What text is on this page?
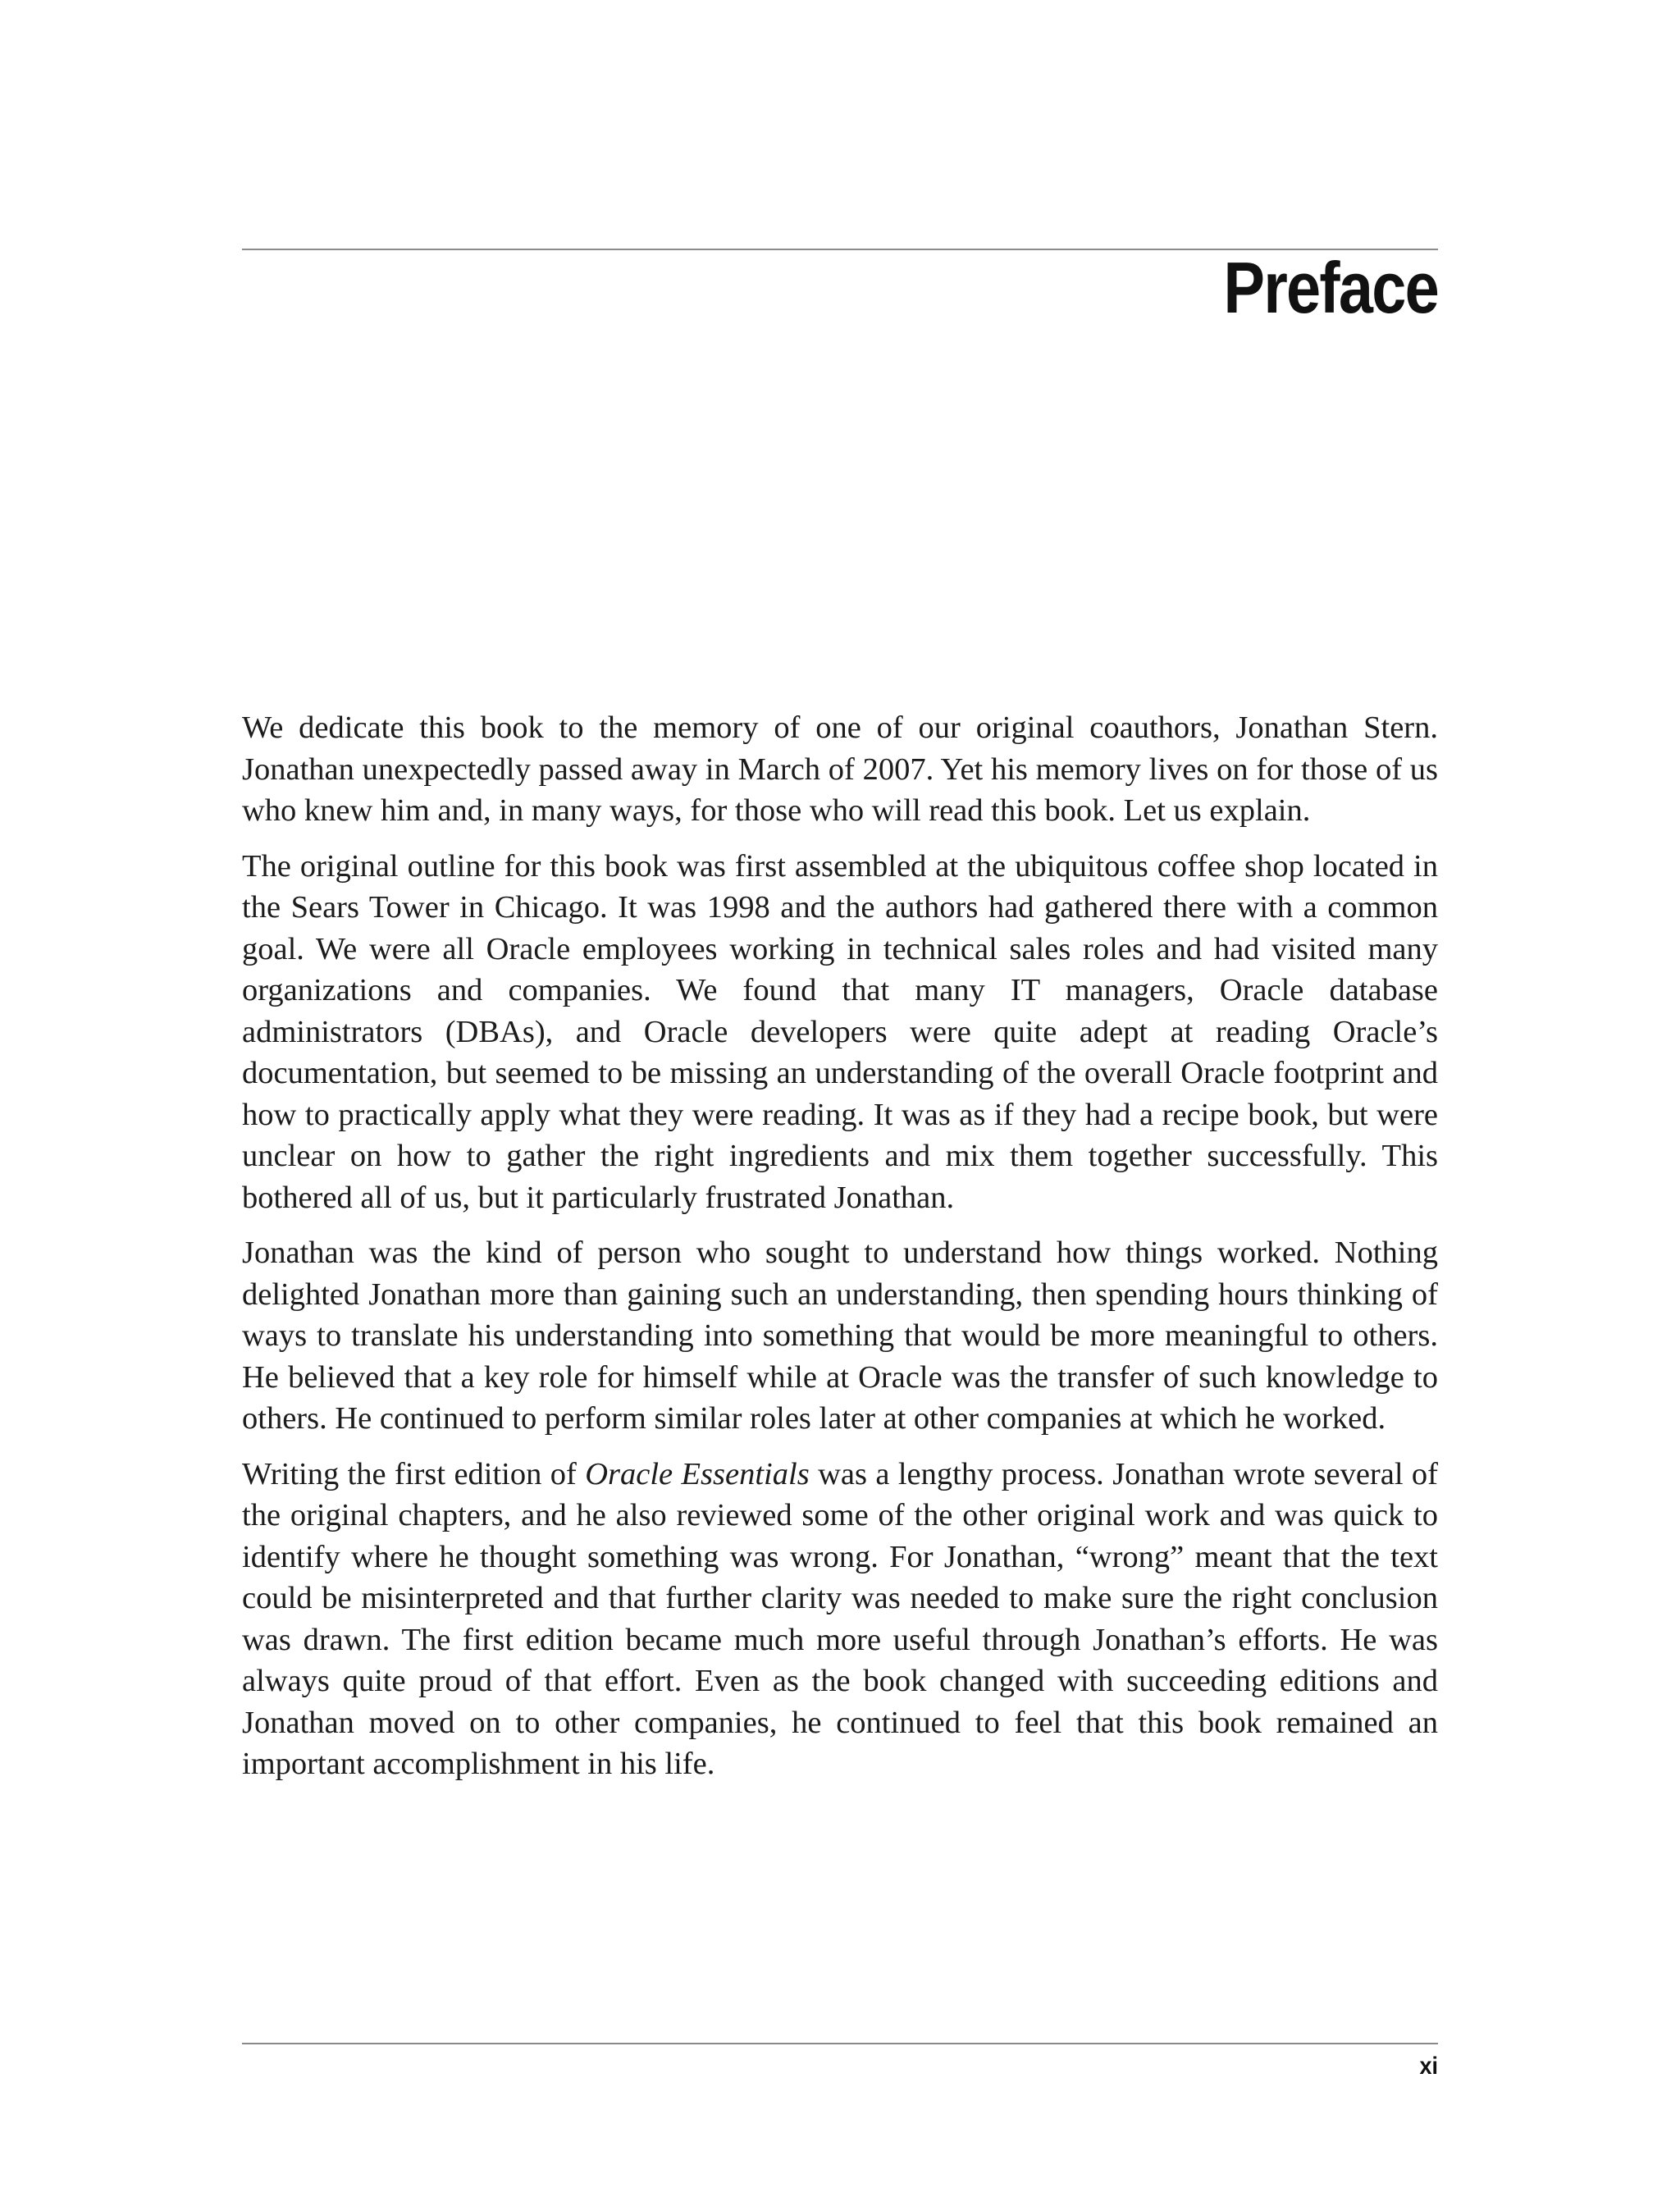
Preface

We dedicate this book to the memory of one of our original coauthors, Jonathan Stern. Jonathan unexpectedly passed away in March of 2007. Yet his memory lives on for those of us who knew him and, in many ways, for those who will read this book. Let us explain.

The original outline for this book was first assembled at the ubiquitous coffee shop located in the Sears Tower in Chicago. It was 1998 and the authors had gathered there with a common goal. We were all Oracle employees working in technical sales roles and had visited many organizations and companies. We found that many IT managers, Oracle database administrators (DBAs), and Oracle developers were quite adept at reading Oracle’s documentation, but seemed to be missing an understanding of the overall Oracle footprint and how to practically apply what they were reading. It was as if they had a recipe book, but were unclear on how to gather the right ingredients and mix them together successfully. This bothered all of us, but it particularly frustrated Jonathan.

Jonathan was the kind of person who sought to understand how things worked. Nothing delighted Jonathan more than gaining such an understanding, then spending hours thinking of ways to translate his understanding into something that would be more meaningful to others. He believed that a key role for himself while at Oracle was the transfer of such knowledge to others. He continued to perform similar roles later at other companies at which he worked.

Writing the first edition of Oracle Essentials was a lengthy process. Jonathan wrote several of the original chapters, and he also reviewed some of the other original work and was quick to identify where he thought something was wrong. For Jonathan, “wrong” meant that the text could be misinterpreted and that further clarity was needed to make sure the right conclusion was drawn. The first edition became much more useful through Jonathan’s efforts. He was always quite proud of that effort. Even as the book changed with succeeding editions and Jonathan moved on to other companies, he continued to feel that this book remained an important accomplishment in his life.

xi
